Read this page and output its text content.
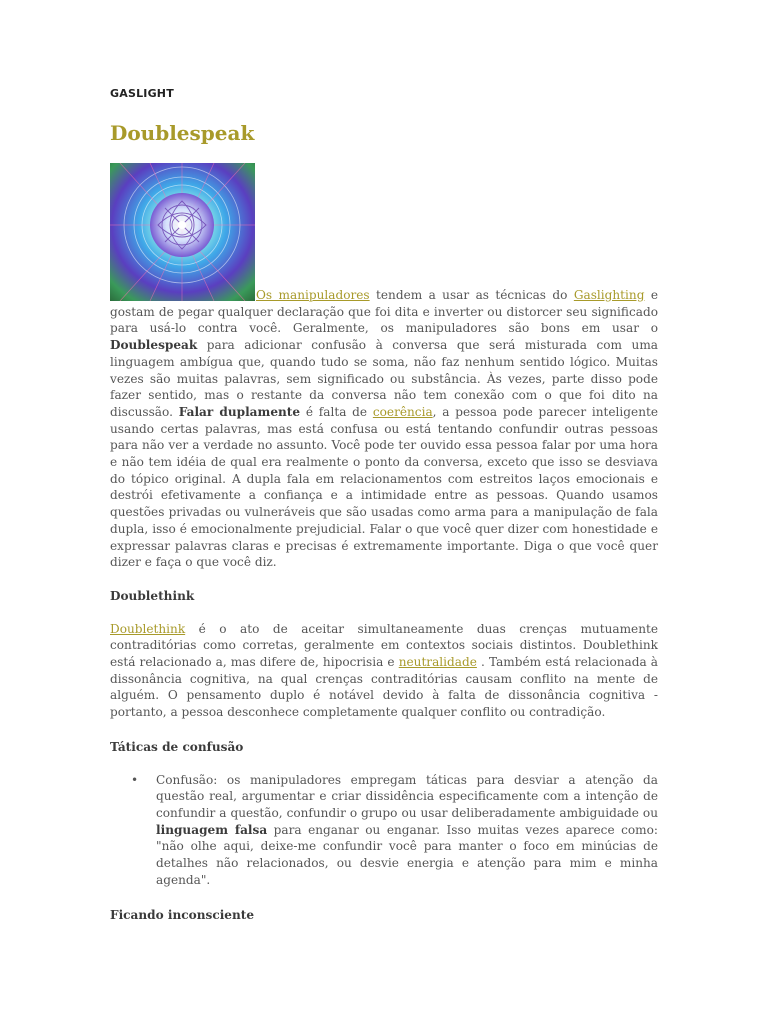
GASLIGHT
Doublespeak

Os manipuladores tendem a usar as técnicas do Gaslighting e gostam de pegar qualquer declaração que foi dita e inverter ou distorcer seu significado para usá-lo contra você. Geralmente, os manipuladores são bons em usar o Doublespeak para adicionar confusão à conversa que será misturada com uma linguagem ambígua que, quando tudo se soma, não faz nenhum sentido lógico. Muitas vezes são muitas palavras, sem significado ou substância. Às vezes, parte disso pode fazer sentido, mas o restante da conversa não tem conexão com o que foi dito na discussão. Falar duplamente é falta de coerência, a pessoa pode parecer inteligente usando certas palavras, mas está confusa ou está tentando confundir outras pessoas para não ver a verdade no assunto. Você pode ter ouvido essa pessoa falar por uma hora e não tem idéia de qual era realmente o ponto da conversa, exceto que isso se desviava do tópico original. A dupla fala em relacionamentos com estreitos laços emocionais e destrói efetivamente a confiança e a intimidade entre as pessoas. Quando usamos questões privadas ou vulneráveis que são usadas como arma para a manipulação de fala dupla, isso é emocionalmente prejudicial. Falar o que você quer dizer com honestidade e expressar palavras claras e precisas é extremamente importante. Diga o que você quer dizer e faça o que você diz.

Doublethink

Doublethink é o ato de aceitar simultaneamente duas crenças mutuamente contraditórias como corretas, geralmente em contextos sociais distintos. Doublethink está relacionado a, mas difere de, hipocrisia e neutralidade . Também está relacionada à dissonância cognitiva, na qual crenças contraditórias causam conflito na mente de alguém. O pensamento duplo é notável devido à falta de dissonância cognitiva - portanto, a pessoa desconhece completamente qualquer conflito ou contradição.

Táticas de confusão
• Confusão: os manipuladores empregam táticas para desviar a atenção da questão real, argumentar e criar dissidência especificamente com a intenção de confundir a questão, confundir o grupo ou usar deliberadamente ambiguidade ou linguagem falsa para enganar ou enganar. Isso muitas vezes aparece como: "não olhe aqui, deixe-me confundir você para manter o foco em minúcias de detalhes não relacionados, ou desvie energia e atenção para mim e minha agenda".
Ficando inconsciente
